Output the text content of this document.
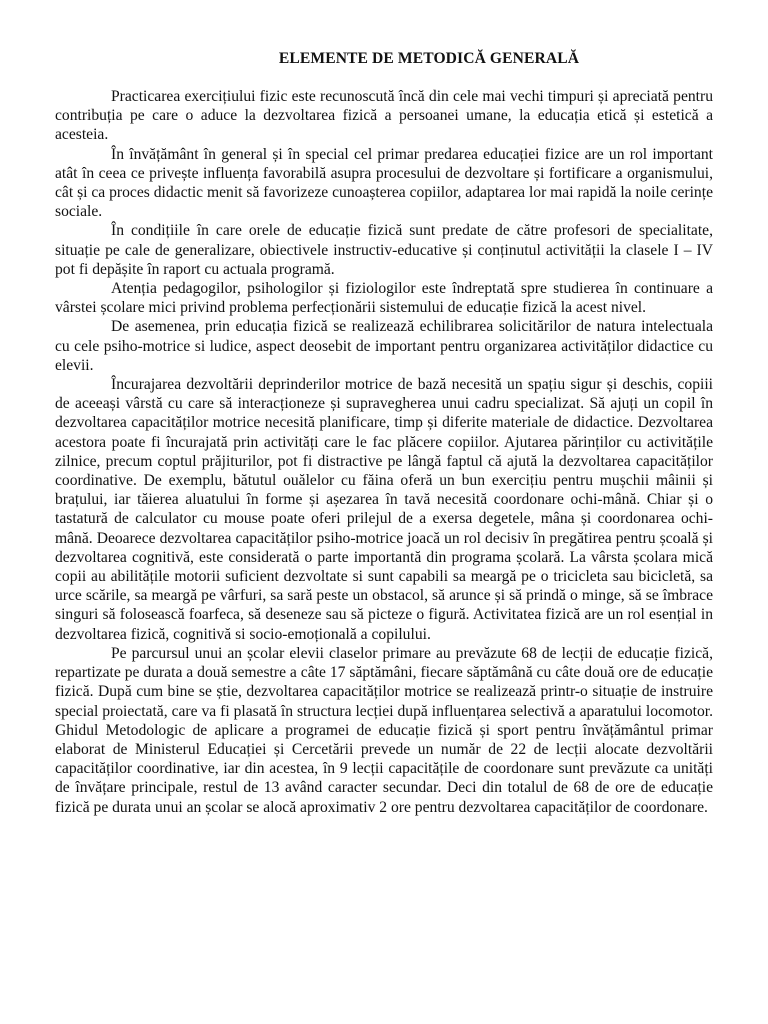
ELEMENTE DE METODICĂ GENERALĂ

Practicarea exercițiului fizic este recunoscută încă din cele mai vechi timpuri și apreciată pentru contribuția pe care o aduce la dezvoltarea fizică a persoanei umane, la educația etică și estetică a acesteia.

În învățământ în general și în special cel primar predarea educației fizice are un rol important atât în ceea ce privește influența favorabilă asupra procesului de dezvoltare și fortificare a organismului, cât și ca proces didactic menit să favorizeze cunoașterea copiilor, adaptarea lor mai rapidă la noile cerințe sociale.

În condițiile în care orele de educație fizică sunt predate de către profesori de specialitate, situație pe cale de generalizare, obiectivele instructiv-educative și conținutul activității la clasele I – IV pot fi depășite în raport cu actuala programă.

Atenția pedagogilor, psihologilor și fiziologilor este îndreptată spre studierea în continuare a vârstei școlare mici privind problema perfecționării sistemului de educație fizică la acest nivel.

De asemenea, prin educația fizică se realizează echilibrarea solicitărilor de natura intelectuala cu cele psiho-motrice si ludice, aspect deosebit de important pentru organizarea activităților didactice cu elevii.

Încurajarea dezvoltării deprinderilor motrice de bază necesită un spațiu sigur și deschis, copiii de aceeași vârstă cu care să interacționeze și supravegherea unui cadru specializat. Să ajuți un copil în dezvoltarea capacităților motrice necesită planificare, timp și diferite materiale de didactice. Dezvoltarea acestora poate fi încurajată prin activități care le fac plăcere copiilor. Ajutarea părinților cu activitățile zilnice, precum coptul prăjiturilor, pot fi distractive pe lângă faptul că ajută la dezvoltarea capacităților coordinative. De exemplu, bătutul ouălelor cu făina oferă un bun exercițiu pentru mușchii mâinii și brațului, iar tăierea aluatului în forme și așezarea în tavă necesită coordonare ochi-mână. Chiar și o tastatură de calculator cu mouse poate oferi prilejul de a exersa degetele, mâna și coordonarea ochi-mână. Deoarece dezvoltarea capacităților psiho-motrice joacă un rol decisiv în pregătirea pentru școală și dezvoltarea cognitivă, este considerată o parte importantă din programa școlară. La vârsta școlara mică copii au abilitățile motorii suficient dezvoltate si sunt capabili sa meargă pe o tricicleta sau bicicletă, sa urce scările, sa meargă pe vârfuri, sa sară peste un obstacol, să arunce și să prindă o minge, să se îmbrace singuri să folosească foarfeca, să deseneze sau să picteze o figură. Activitatea fizică are un rol esențial in dezvoltarea fizică, cognitivă si socio-emoțională a copilului.

Pe parcursul unui an școlar elevii claselor primare au prevăzute 68 de lecții de educație fizică, repartizate pe durata a două semestre a câte 17 săptămâni, fiecare săptămână cu câte două ore de educație fizică. După cum bine se știe, dezvoltarea capacităților motrice se realizează printr-o situație de instruire special proiectată, care va fi plasată în structura lecției după influențarea selectivă a aparatului locomotor. Ghidul Metodologic de aplicare a programei de educație fizică și sport pentru învățământul primar elaborat de Ministerul Educației și Cercetării prevede un număr de 22 de lecții alocate dezvoltării capacităților coordinative, iar din acestea, în 9 lecții capacitățile de coordonare sunt prevăzute ca unități de învățare principale, restul de 13 având caracter secundar. Deci din totalul de 68 de ore de educație fizică pe durata unui an școlar se alocă aproximativ 2 ore pentru dezvoltarea capacităților de coordonare.
